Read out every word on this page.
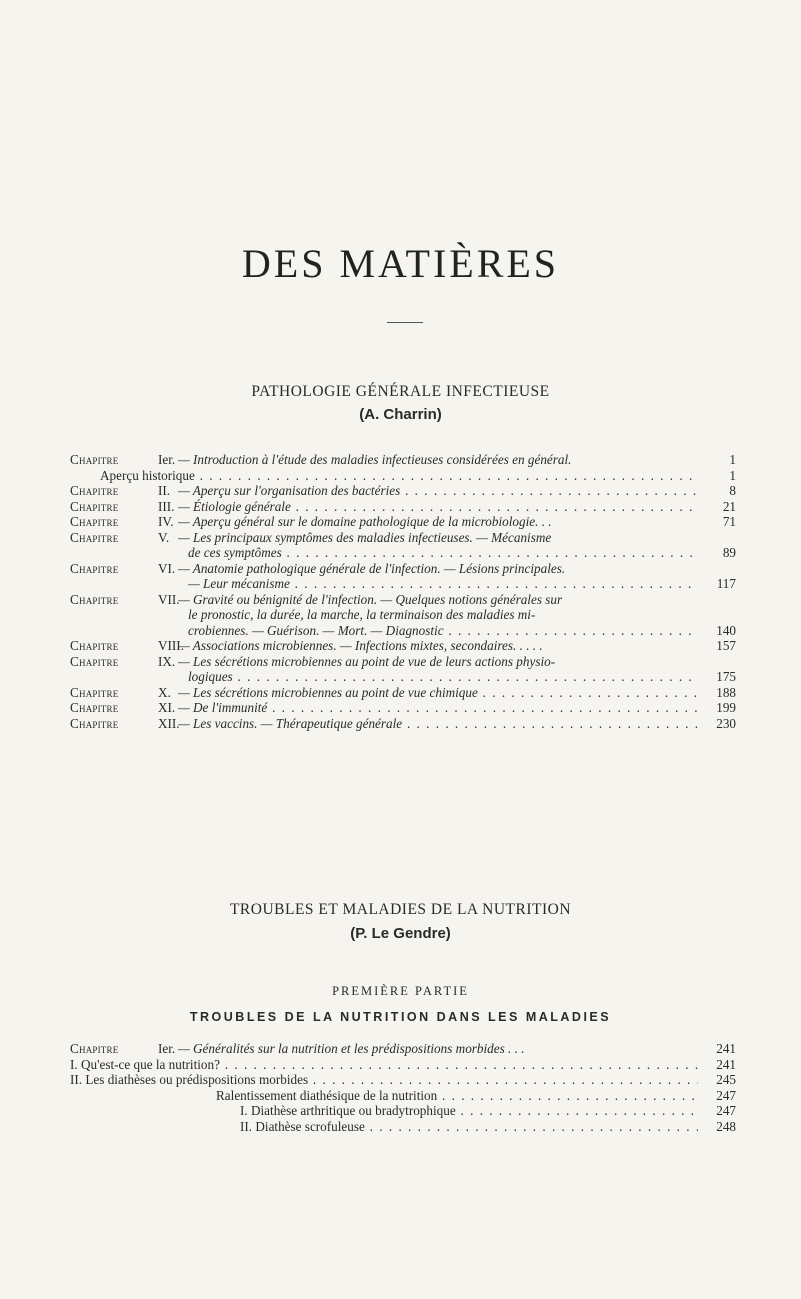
DES MATIÈRES
PATHOLOGIE GÉNÉRALE INFECTIEUSE
(A. Charrin)
Chapitre	Ier. — Introduction à l'étude des maladies infectieuses considérées en général.	1
Aperçu historique . . .	1
Chapitre	II. — Aperçu sur l'organisation des bactéries . . .	8
Chapitre	III. — Étiologie générale . . .	21
Chapitre	IV. — Aperçu général sur le domaine pathologique de la microbiologie. . .	71
Chapitre	V. — Les principaux symptômes des maladies infectieuses. — Mécanisme
de ces symptômes . . .	89
Chapitre	VI. — Anatomie pathologique générale de l'infection. — Lésions principales.
— Leur mécanisme . . .	117
Chapitre	VII.
— Gravité ou bénignité de l'infection. — Quelques notions générales sur
le pronostic, la durée, la marche, la terminaison des maladies mi-
crobiennes. — Guérison. — Mort. — Diagnostic . . .	140
Chapitre	VIII.
— Associations microbiennes. — Infections mixtes, secondaires. . . . .	157
Chapitre	IX. — Les sécrétions microbiennes au point de vue de leurs actions physio-
logiques . . .	175
Chapitre	X. — Les sécrétions microbiennes au point de vue chimique . . .	188
Chapitre	XI. — De l'immunité . . .	199
Chapitre	XII.
— Les vaccins. — Thérapeutique générale . . .	230
TROUBLES ET MALADIES DE LA NUTRITION
(P. Le Gendre)
PREMIÈRE PARTIE
TROUBLES DE LA NUTRITION DANS LES MALADIES
Chapitre	Ier. — Généralités sur la nutrition et les prédispositions morbides . . .	241
I. Qu'est-ce que la nutrition? . . .	241
II. Les diathèses ou prédispositions morbides . . .	245
Ralentissement diathésique de la nutrition . . .	247
I. Diathèse arthritique ou bradytrophique . . .	247
II. Diathèse scrofuleuse . . .	248
